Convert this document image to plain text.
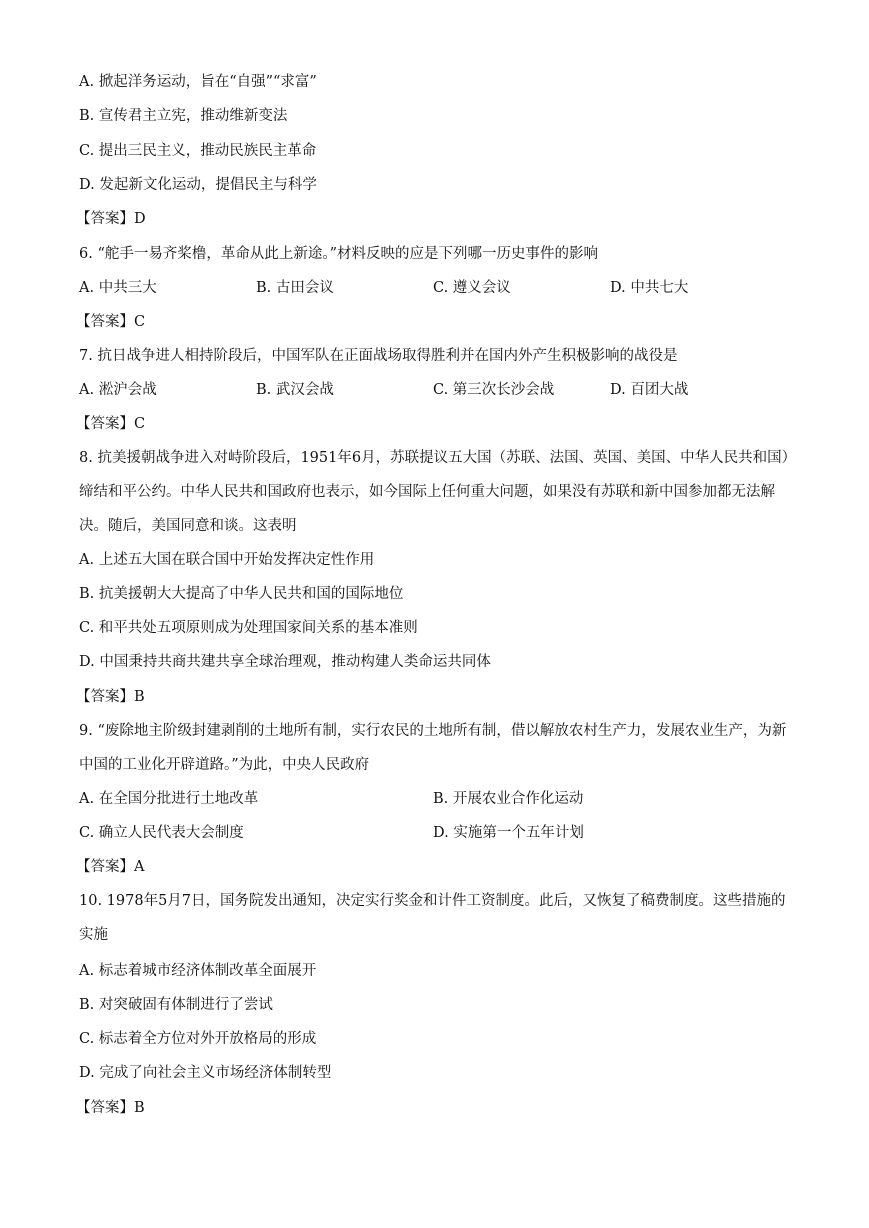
A. 掀起洋务运动，旨在“自强”“求富”
B. 宣传君主立宪，推动维新变法
C. 提出三民主义，推动民族民主革命
D. 发起新文化运动，提倡民主与科学
【答案】D
6. “舵手一易齐桨橹，革命从此上新途。”材料反映的应是下列哪一历史事件的影响
A. 中共三大	B. 古田会议	C. 遵义会议	D. 中共七大
【答案】C
7. 抗日战争进人相持阶段后，中国军队在正面战场取得胜利并在国内外产生积极影响的战役是
A. 淞沪会战	B. 武汉会战	C. 第三次长沙会战	D. 百团大战
【答案】C
8. 抗美援朝战争进入对峙阶段后，1951年6月，苏联提议五大国（苏联、法国、英国、美国、中华人民共和国）缔结和平公约。中华人民共和国政府也表示，如今国际上任何重大问题，如果没有苏联和新中国参加都无法解决。随后，美国同意和谈。这表明
A. 上述五大国在联合国中开始发挥决定性作用
B. 抗美援朝大大提高了中华人民共和国的国际地位
C. 和平共处五项原则成为处理国家间关系的基本准则
D. 中国秉持共商共建共享全球治理观，推动构建人类命运共同体
【答案】B
9. “废除地主阶级封建剥削的土地所有制，实行农民的土地所有制，借以解放农村生产力，发展农业生产，为新中国的工业化开辟道路。”为此，中央人民政府
A. 在全国分批进行土地改革	B. 开展农业合作化运动
C. 确立人民代表大会制度	D. 实施第一个五年计划
【答案】A
10. 1978年5月7日，国务院发出通知，决定实行奖金和计件工资制度。此后，又恢复了稿费制度。这些措施的实施
A. 标志着城市经济体制改革全面展开
B. 对突破固有体制进行了尝试
C. 标志着全方位对外开放格局的形成
D. 完成了向社会主义市场经济体制转型
【答案】B
